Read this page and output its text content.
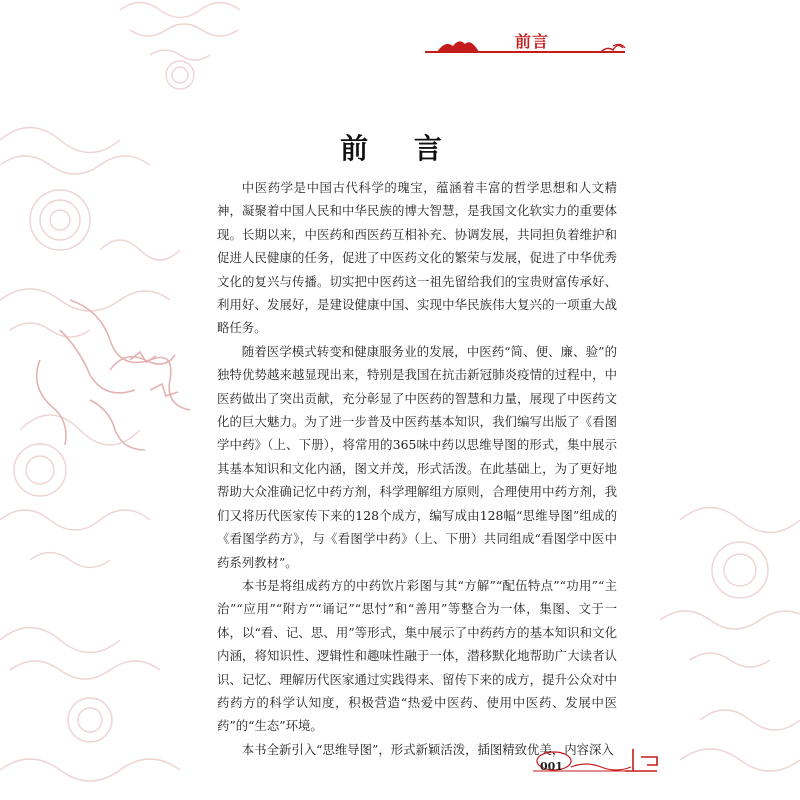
前言
前 言

中医药学是中国古代科学的瑰宝，蕴涵着丰富的哲学思想和人文精神，凝聚着中国人民和中华民族的博大智慧，是我国文化软实力的重要体现。长期以来，中医药和西医药互相补充、协调发展，共同担负着维护和促进人民健康的任务，促进了中医药文化的繁荣与发展，促进了中华优秀文化的复兴与传播。切实把中医药这一祖先留给我们的宝贵财富传承好、利用好、发展好，是建设健康中国、实现中华民族伟大复兴的一项重大战略任务。

随着医学模式转变和健康服务业的发展，中医药“简、便、廉、验”的独特优势越来越显现出来，特别是我国在抗击新冠肺炎疫情的过程中，中医药做出了突出贡献，充分彰显了中医药的智慧和力量，展现了中医药文化的巨大魅力。为了进一步普及中医药基本知识，我们编写出版了《看图学中药》（上、下册），将常用的365味中药以思维导图的形式，集中展示其基本知识和文化内涵，图文并茂，形式活泼。在此基础上，为了更好地帮助大众准确记忆中药方剂，科学理解组方原则，合理使用中药方剂，我们又将历代医家传下来的128个成方，编写成由128幅“思维导图”组成的《看图学药方》，与《看图学中药》（上、下册）共同组成“看图学中医中药系列教材”。

本书是将组成药方的中药饮片彩图与其“方解”“配伍特点”“功用”“主治”“应用”“附方”“诵记”“思忖”和“善用”等整合为一体，集图、文于一体，以“看、记、思、用”等形式，集中展示了中药药方的基本知识和文化内涵，将知识性、逻辑性和趣味性融于一体，潜移默化地帮助广大读者认识、记忆、理解历代医家通过实践得来、留传下来的成方，提升公众对中药药方的科学认知度，积极营造“热爱中医药、使用中医药、发展中医药”的“生态”环境。

本书全新引入“思维导图”，形式新颖活泼，插图精致优美，内容深入

001
